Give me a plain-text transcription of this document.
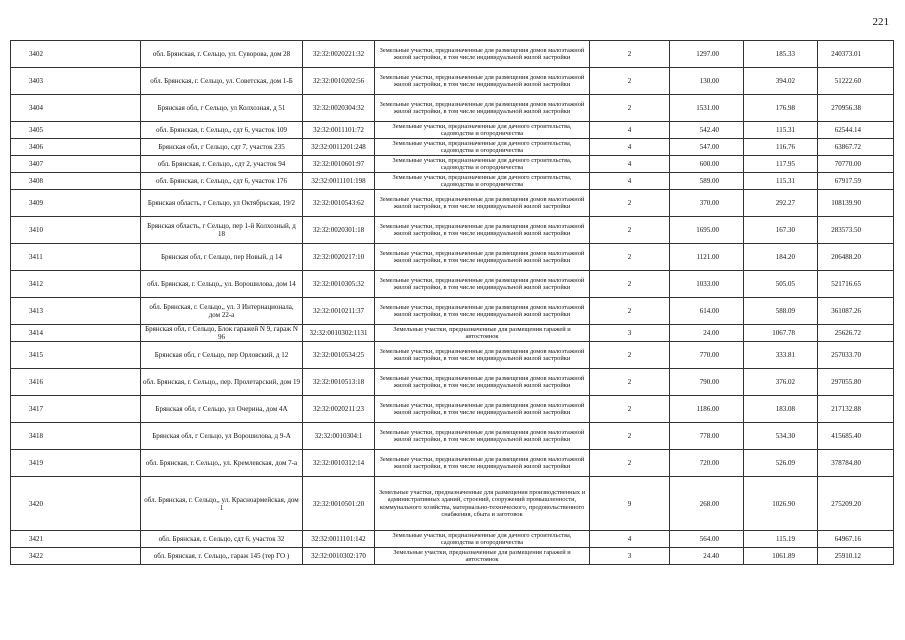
221
3402	обл. Брянская, г. Сельцо, ул. Суворова, дом 28	32:32:0020221:32	Земельные участки, предназначенные для размещения домов малоэтажной жилой застройки, в том числе индивидуальной жилой застройки	2	1297.00	185.33	240373.01
3403	обл. Брянская, г. Сельцо, ул. Советская, дом 1-Б	32:32:0010202:56	Земельные участки, предназначенные для размещения домов малоэтажной жилой застройки, в том числе индивидуальной жилой застройки	2	130.00	394.02	51222.60
3404	Брянская обл, г Сельцо, ул Колхозная, д 51	32:32:0020304:32	Земельные участки, предназначенные для размещения домов малоэтажной жилой застройки, в том числе индивидуальной жилой застройки	2	1531.00	176.98	270956.38
3405	обл. Брянская, г. Сельцо,, сдт 6, участок 109	32:32:0011101:72	Земельные участки, предназначенные для дачного строительства, садоводства и огородничества	4	542.40	115.31	62544.14
3406	Брянская обл, г Сельцо, сдт 7, участок 235	32:32:0011201:248	Земельные участки, предназначенные для дачного строительства, садоводства и огородничества	4	547.00	116.76	63867.72
3407	обл. Брянская, г. Сельцо,, сдт 2, участок 94	32:32:0010601:97	Земельные участки, предназначенные для дачного строительства, садоводства и огородничества	4	600.00	117.95	70770.00
3408	обл. Брянская, г. Сельцо,, сдт 6, участок 176	32:32:0011101:198	Земельные участки, предназначенные для дачного строительства, садоводства и огородничества	4	589.00	115.31	67917.59
3409	Брянская область, г Сельцо, ул Октябрьская, 19/2	32:32:0010543:62	Земельные участки, предназначенные для размещения домов малоэтажной жилой застройки, в том числе индивидуальной жилой застройки	2	370.00	292.27	108139.90
3410	Брянская область, г Сельцо, пер 1-й Колхозный, д 18	32:32:0020301:18	Земельные участки, предназначенные для размещения домов малоэтажной жилой застройки, в том числе индивидуальной жилой застройки	2	1695.00	167.30	283573.50
3411	Брянская обл, г Сельцо, пер Новый, д 14	32:32:0020217:10	Земельные участки, предназначенные для размещения домов малоэтажной жилой застройки, в том числе индивидуальной жилой застройки	2	1121.00	184.20	206488.20
3412	обл. Брянская, г. Сельцо,, ул. Ворошилова, дом 14	32:32:0010305:32	Земельные участки, предназначенные для размещения домов малоэтажной жилой застройки, в том числе индивидуальной жилой застройки	2	1033.00	505.05	521716.65
3413	обл. Брянская, г. Сельцо,, ул. 3 Интернационала, дом 22-а	32:32:0010211:37	Земельные участки, предназначенные для размещения домов малоэтажной жилой застройки, в том числе индивидуальной жилой застройки	2	614.00	588.09	361087.26
3414	Брянская обл, г Сельцо, Блок гаражей N 9, гараж N 96	32:32:0010302:1131	Земельные участки, предназначенные для размещения гаражей и автостоянок	3	24.00	1067.78	25626.72
3415	Брянская обл, г Сельцо, пер Орловский, д 12	32:32:0010534:25	Земельные участки, предназначенные для размещения домов малоэтажной жилой застройки, в том числе индивидуальной жилой застройки	2	770.00	333.81	257033.70
3416	обл. Брянская, г. Сельцо,, пер. Пролетарский, дом 19	32:32:0010513:18	Земельные участки, предназначенные для размещения домов малоэтажной жилой застройки, в том числе индивидуальной жилой застройки	2	790.00	376.02	297055.80
3417	Брянская обл, г Сельцо, ул Очерина, дом 4А	32:32:0020211:23	Земельные участки, предназначенные для размещения домов малоэтажной жилой застройки, в том числе индивидуальной жилой застройки	2	1186.00	183.08	217132.88
3418	Брянская обл, г Сельцо, ул Ворошилова, д 9-А	32:32:0010304:1	Земельные участки, предназначенные для размещения домов малоэтажной жилой застройки, в том числе индивидуальной жилой застройки	2	778.00	534.30	415685.40
3419	обл. Брянская, г. Сельцо,, ул. Кремлевская, дом 7-а	32:32:0010312:14	Земельные участки, предназначенные для размещения домов малоэтажной жилой застройки, в том числе индивидуальной жилой застройки	2	720.00	526.09	378784.80
3420	обл. Брянская, г. Сельцо,, ул. Красноармейская, дом 1	32:32:0010501:20	Земельные участки, предназначенные для размещения производственных и административных зданий, строений, сооружений промышленности, коммунального хозяйства, материально-технического, продовольственного снабжения, сбыта и заготовок	9	268.00	1026.90	275209.20
3421	обл. Брянская, г. Сельцо, сдт 6, участок 32	32:32:0011101:142	Земельные участки, предназначенные для дачного строительства, садоводства и огородничества	4	564.00	115.19	64967.16
3422	обл. Брянская, г. Сельцо,, гараж 145 (тер ГО )	32:32:0010302:170	Земельные участки, предназначенные для размещения гаражей и автостоянок	3	24.40	1061.89	25910.12
